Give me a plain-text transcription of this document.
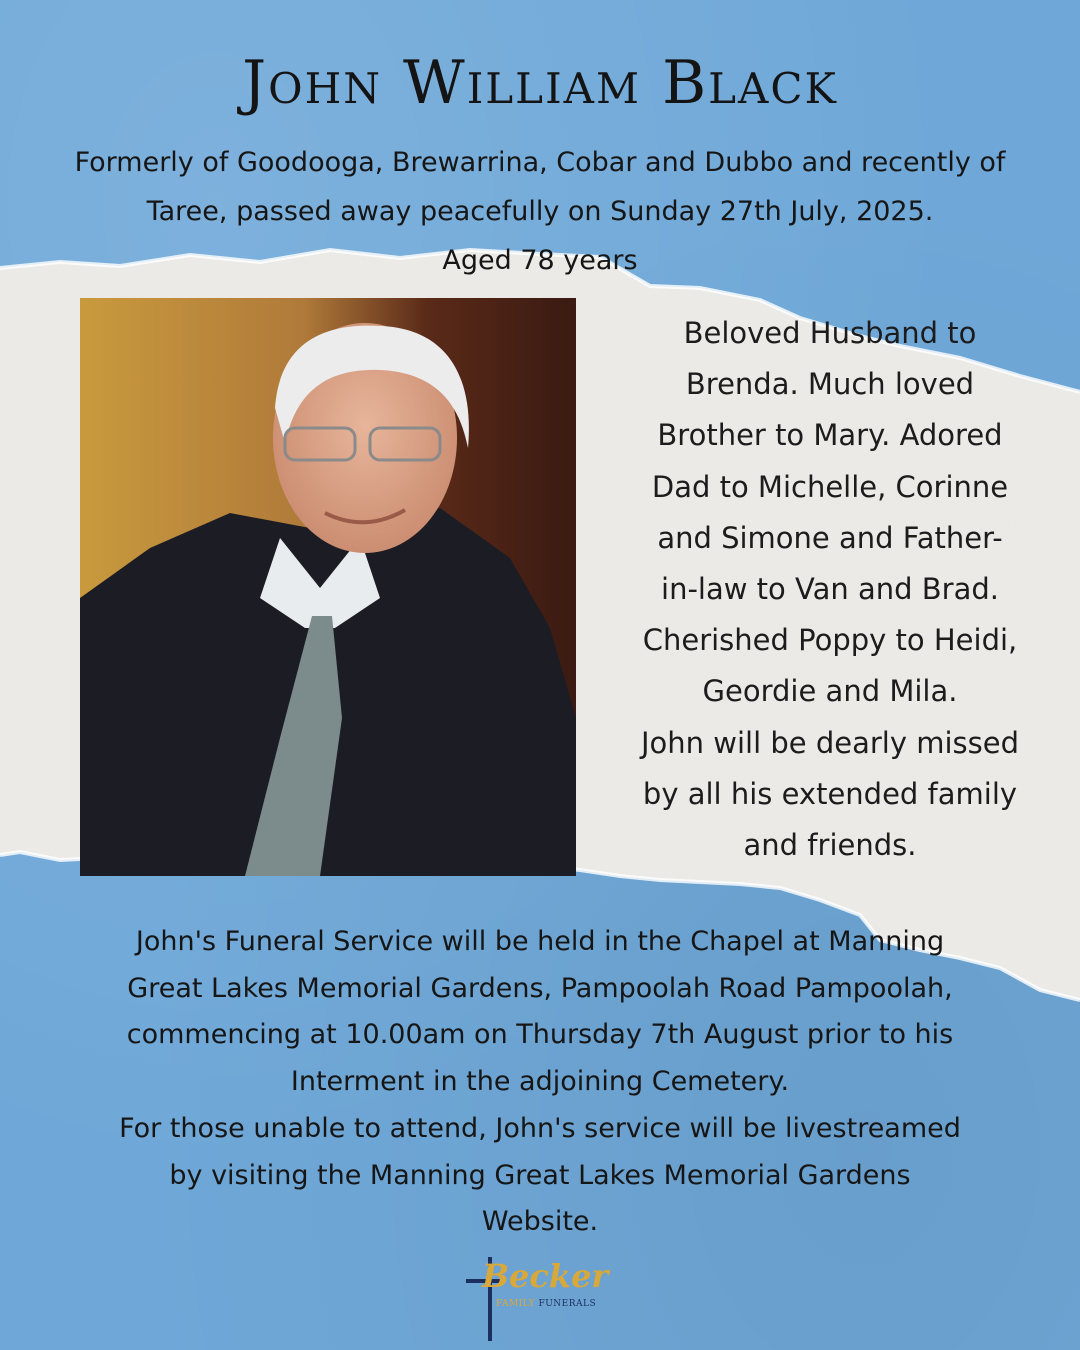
John William Black
Formerly of Goodooga, Brewarrina, Cobar and Dubbo and recently of
Taree, passed away peacefully on Sunday 27th July, 2025.
Aged 78 years
Beloved Husband to
Brenda. Much loved
Brother to Mary. Adored
Dad to Michelle, Corinne
and Simone and Father-
in-law to Van and Brad.
Cherished Poppy to Heidi,
Geordie and Mila.
John will be dearly missed
by all his extended family
and friends.
John's Funeral Service will be held in the Chapel at Manning
Great Lakes Memorial Gardens, Pampoolah Road Pampoolah,
commencing at 10.00am on Thursday 7th August prior to his
Interment in the adjoining Cemetery.
For those unable to attend, John's service will be livestreamed
by visiting the Manning Great Lakes Memorial Gardens
Website.
Becker
FAMILY FUNERALS
